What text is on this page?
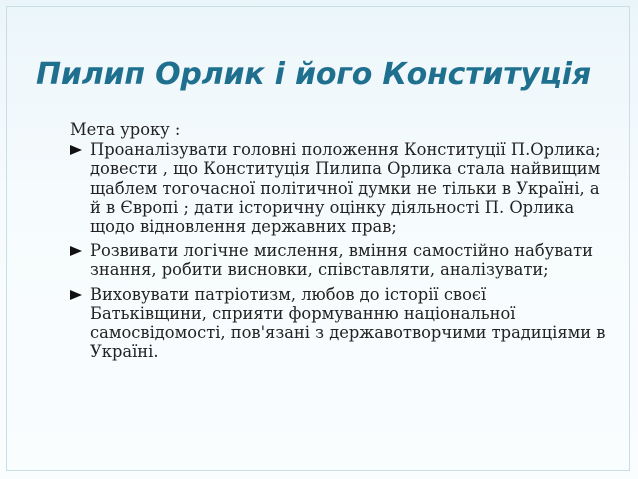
Пилип Орлик і його Конституція
Мета уроку :
Проаналізувати головні положення Конституції П.Орлика; довести , що Конституція Пилипа Орлика стала найвищим щаблем тогочасної політичної думки не тільки в Україні, а й в Європі ; дати історичну оцінку діяльності П. Орлика щодо відновлення державних прав;
Розвивати логічне мислення, вміння самостійно набувати знання, робити висновки, співставляти, аналізувати;
Виховувати патріотизм, любов до історії своєї Батьківщини, сприяти формуванню національної самосвідомості, пов'язані з державотворчими традиціями в Україні.
